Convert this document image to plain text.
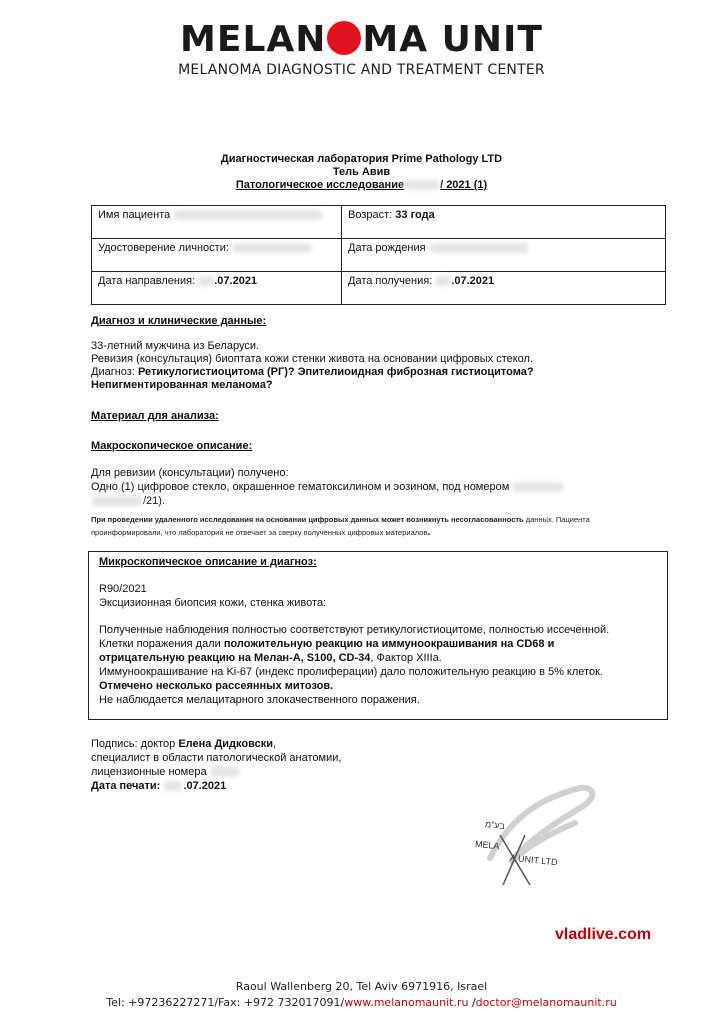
MELAN MA UNIT
MELANOMA DIAGNOSTIC AND TREATMENT CENTER
Диагностическая лаборатория Prime Pathology LTD
Тель Авив
Патологическое исследование	/ 2021 (1)
Имя пациента	Возраст: 33 года
Удостоверение личности:	Дата рождения
Дата направления: .07.2021	Дата получения: .07.2021
Диагноз и клинические данные:
33-летний мужчина из Беларуси.
Ревизия (консультация) биоптата кожи стенки живота на основании цифровых стекол.
Диагноз: Ретикулогистиоцитома (РГ)? Эпителиоидная фиброзная гистиоцитома?
Непигментированная меланома?
Материал для анализа:
Макроскопическое описание:
Для ревизии (консультации) получено:
Одно (1) цифровое стекло, окрашенное гематоксилином и эозином, под номером
/21).
При проведении удаленного исследования на основании цифровых данных может возникнуть несогласованность данных. Пациента
проинформировали, что лаборатория не отвечает за сверку полученных цифровых материалов.
Микроскопическое описание и диагноз:
R90/2021
Эксцизионная биопсия кожи, стенка живота:
Полученные наблюдения полностью соответствуют ретикулогистиоцитоме, полностью иссеченной.
Клетки поражения дали положительную реакцию на иммуноокрашивания на CD68 и
отрицательную реакцию на Мелан-А, S100, CD-34, Фактор XIIIa.
Иммуноокрашивание на Ki-67 (индекс пролиферации) дало положительную реакцию в 5% клеток.
Отмечено несколько рассеянных митозов.
Не наблюдается мелацитарного злокачественного поражения.
Подпись: доктор Елена Дидковски,
специалист в области патологической анатомии,
лицензионные номера
Дата печати: .07.2021
בע"מ
MELA
A UNIT LTD
vladlive.com
Raoul Wallenberg 20, Tel Aviv 6971916, Israel
Tel: +97236227271/Fax: +972 732017091/www.melanomaunit.ru /doctor@melanomaunit.ru
